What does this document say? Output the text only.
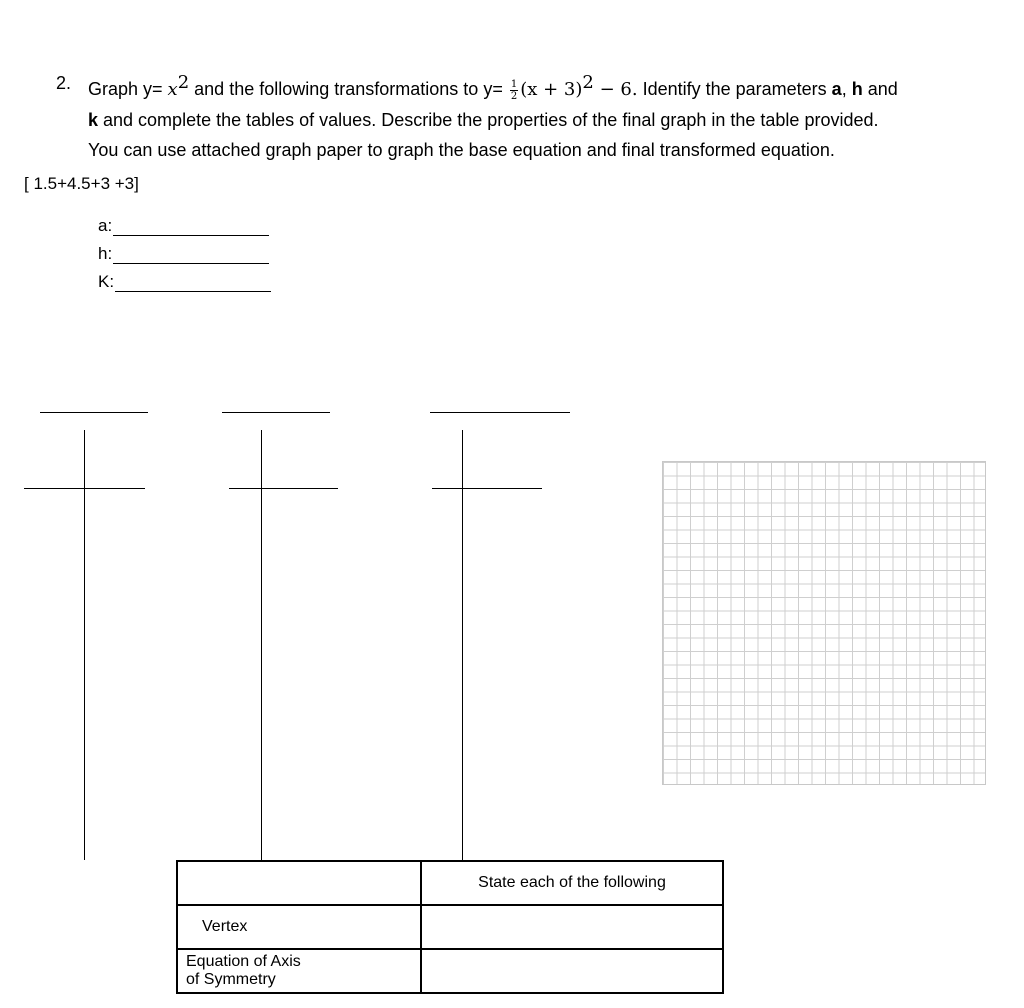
2. Graph $y= x^2$ and the following transformations to $y= \frac{1}{2} (x + 3)^2 - 6$. Identify the parameters a, h and
k and complete the tables of values. Describe the properties of the final graph in the table provided.
You can use attached graph paper to graph the base equation and final transformed equation.
[ 1.5+4.5+3 +3]
a:
h:
K:
	State each of the following
Vertex	
Equation of Axis
of Symmetry	
